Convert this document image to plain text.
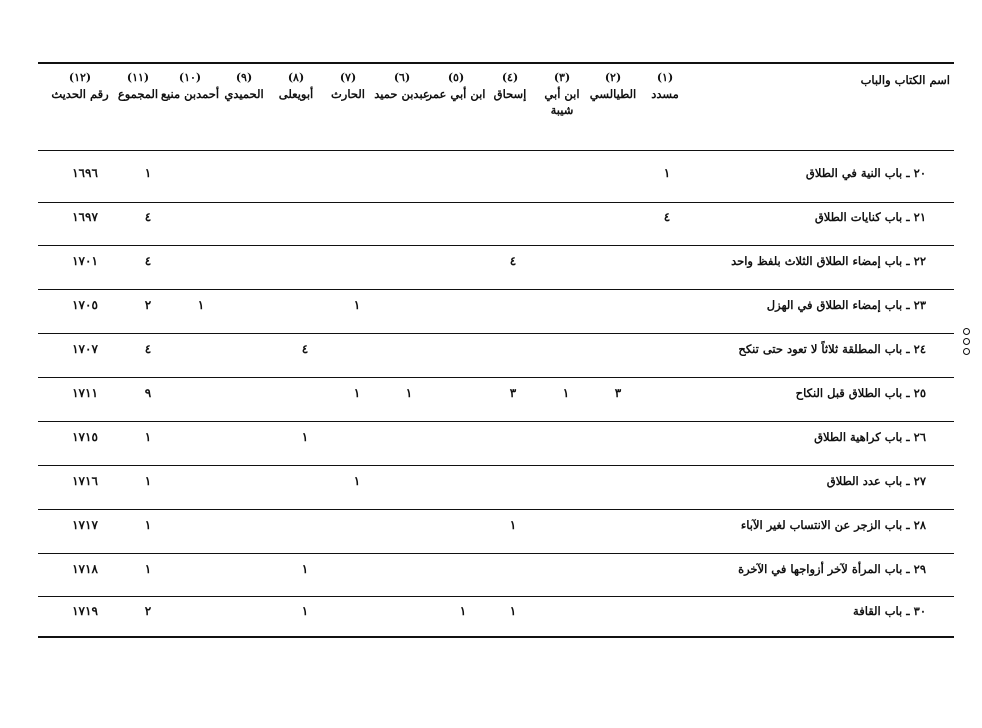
اسم الكتاب والباب
(١)
مسدد
(٢)
الطيالسي
(٣)
ابن أبي شيبة
(٤)
إسحاق
(٥)
ابن أبي عمر
(٦)
عبدبن حميد
(٧)
الحارث
(٨)
أبويعلى
(٩)
الحميدي
(١٠)
أحمدبن منيع
(١١)
المجموع
(١٢)
رقم الحديث
٢٠ ـ باب النية في الطلاق
١
١
١٦٩٦
٢١ ـ باب كنايات الطلاق
٤
٤
١٦٩٧
٢٢ ـ باب إمضاء الطلاق الثلاث بلفظ واحد
٤
٤
١٧٠١
٢٣ ـ باب إمضاء الطلاق في الهزل
١
١
٢
١٧٠٥
٢٤ ـ باب المطلقة ثلاثاً لا تعود حتى تنكح
٤
٤
١٧٠٧
٢٥ ـ باب الطلاق قبل النكاح
٣
١
٣
١
١
٩
١٧١١
٢٦ ـ باب كراهية الطلاق
١
١
١٧١٥
٢٧ ـ باب عدد الطلاق
١
١
١٧١٦
٢٨ ـ باب الزجر عن الانتساب لغير الآباء
١
١
١٧١٧
٢٩ ـ باب المرأة لآخر أزواجها في الآخرة
١
١
١٧١٨
٣٠ ـ باب القافة
١
١
١
٢
١٧١٩
